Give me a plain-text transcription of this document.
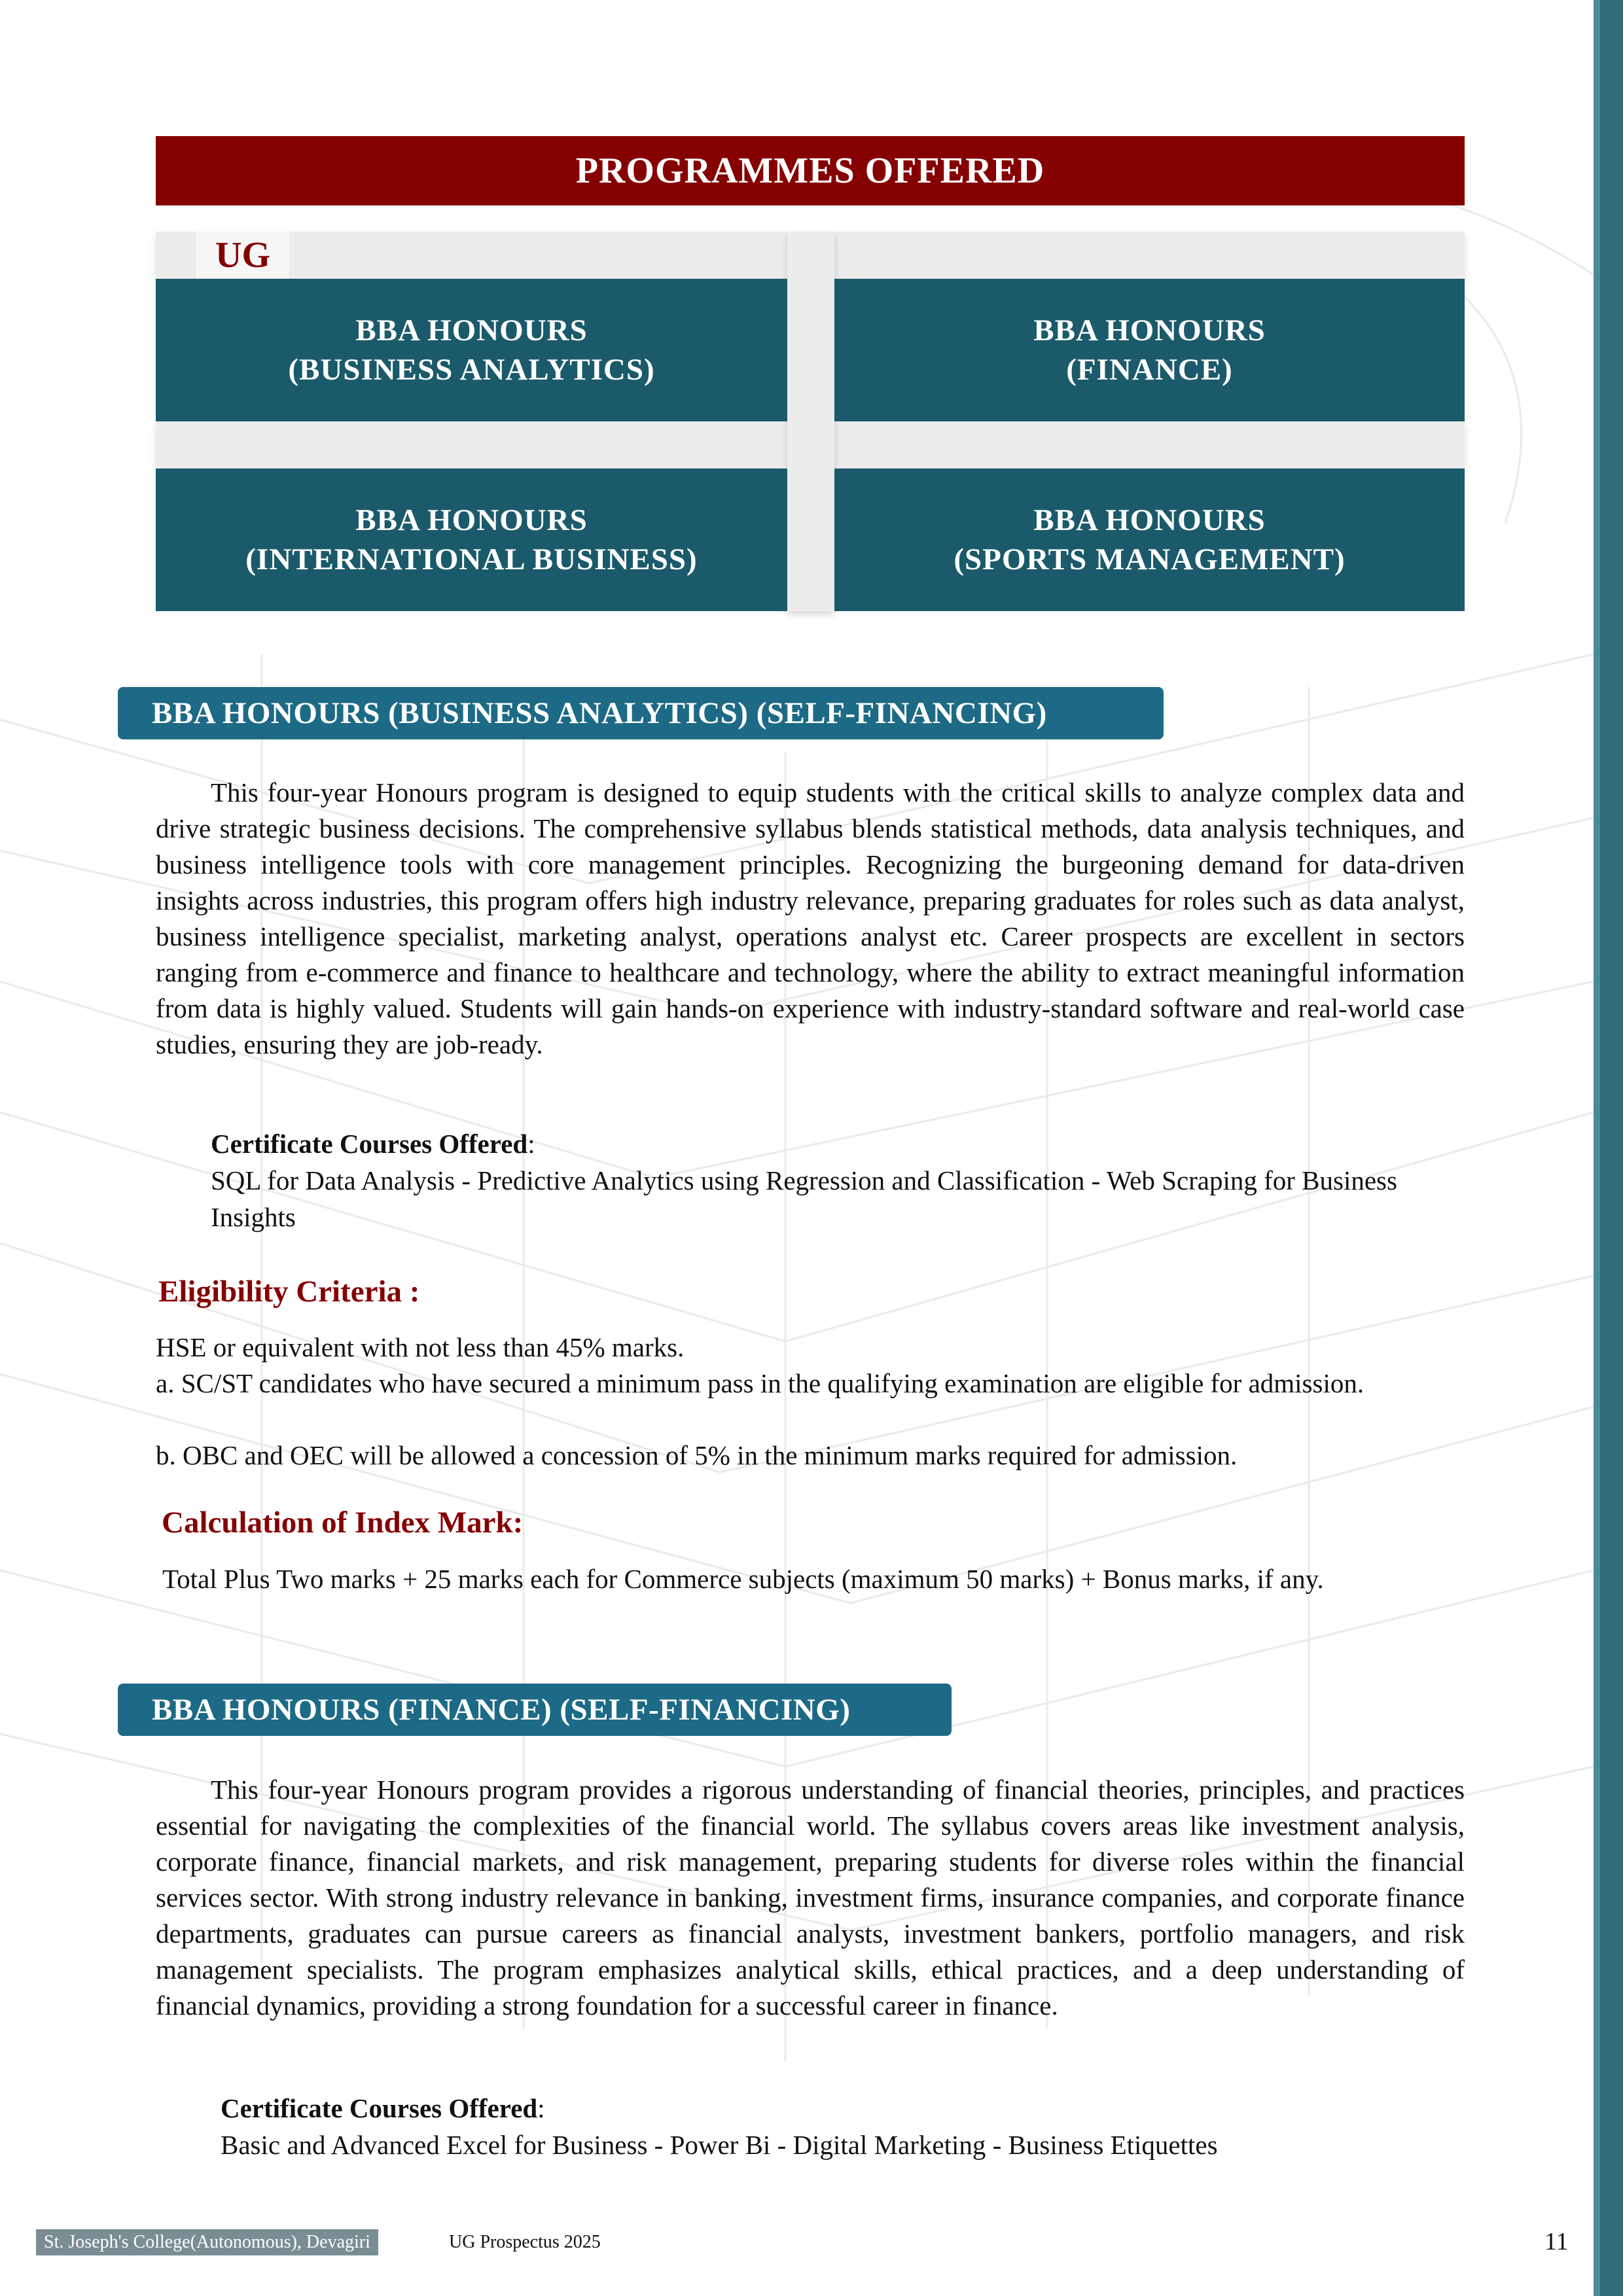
PROGRAMMES OFFERED
UG
BBA HONOURS
(BUSINESS ANALYTICS)
BBA HONOURS
(FINANCE)
BBA HONOURS
(INTERNATIONAL BUSINESS)
BBA HONOURS
(SPORTS MANAGEMENT)
BBA HONOURS (BUSINESS ANALYTICS) (SELF-FINANCING)

This four-year Honours program is designed to equip students with the critical skills to analyze complex data and drive strategic business decisions. The comprehensive syllabus blends statistical methods, data analysis techniques, and business intelligence tools with core management principles. Recognizing the burgeoning demand for data-driven insights across industries, this program offers high industry relevance, preparing graduates for roles such as data analyst, business intelligence specialist, marketing analyst, operations analyst etc. Career prospects are excellent in sectors ranging from e-commerce and finance to healthcare and technology, where the ability to extract meaningful information from data is highly valued. Students will gain hands-on experience with industry-standard software and real-world case studies, ensuring they are job-ready.

Certificate Courses Offered:
SQL for Data Analysis - Predictive Analytics using Regression and Classification - Web Scraping for Business Insights
Eligibility Criteria :

HSE or equivalent with not less than 45% marks.

a. SC/ST candidates who have secured a minimum pass in the qualifying examination are eligible for admission.

b. OBC and OEC will be allowed a concession of 5% in the minimum marks required for admission.

Calculation of Index Mark:

Total Plus Two marks + 25 marks each for Commerce subjects (maximum 50 marks) + Bonus marks, if any.

BBA HONOURS (FINANCE) (SELF-FINANCING)

This four-year Honours program provides a rigorous understanding of financial theories, principles, and practices essential for navigating the complexities of the financial world. The syllabus covers areas like investment analysis, corporate finance, financial markets, and risk management, preparing students for diverse roles within the financial services sector. With strong industry relevance in banking, investment firms, insurance companies, and corporate finance departments, graduates can pursue careers as financial analysts, investment bankers, portfolio managers, and risk management specialists. The program emphasizes analytical skills, ethical practices, and a deep understanding of financial dynamics, providing a strong foundation for a successful career in finance.

Certificate Courses Offered:
Basic and Advanced Excel for Business - Power Bi - Digital Marketing - Business Etiquettes
St. Joseph's College(Autonomous), Devagiri	UG Prospectus 2025	11
